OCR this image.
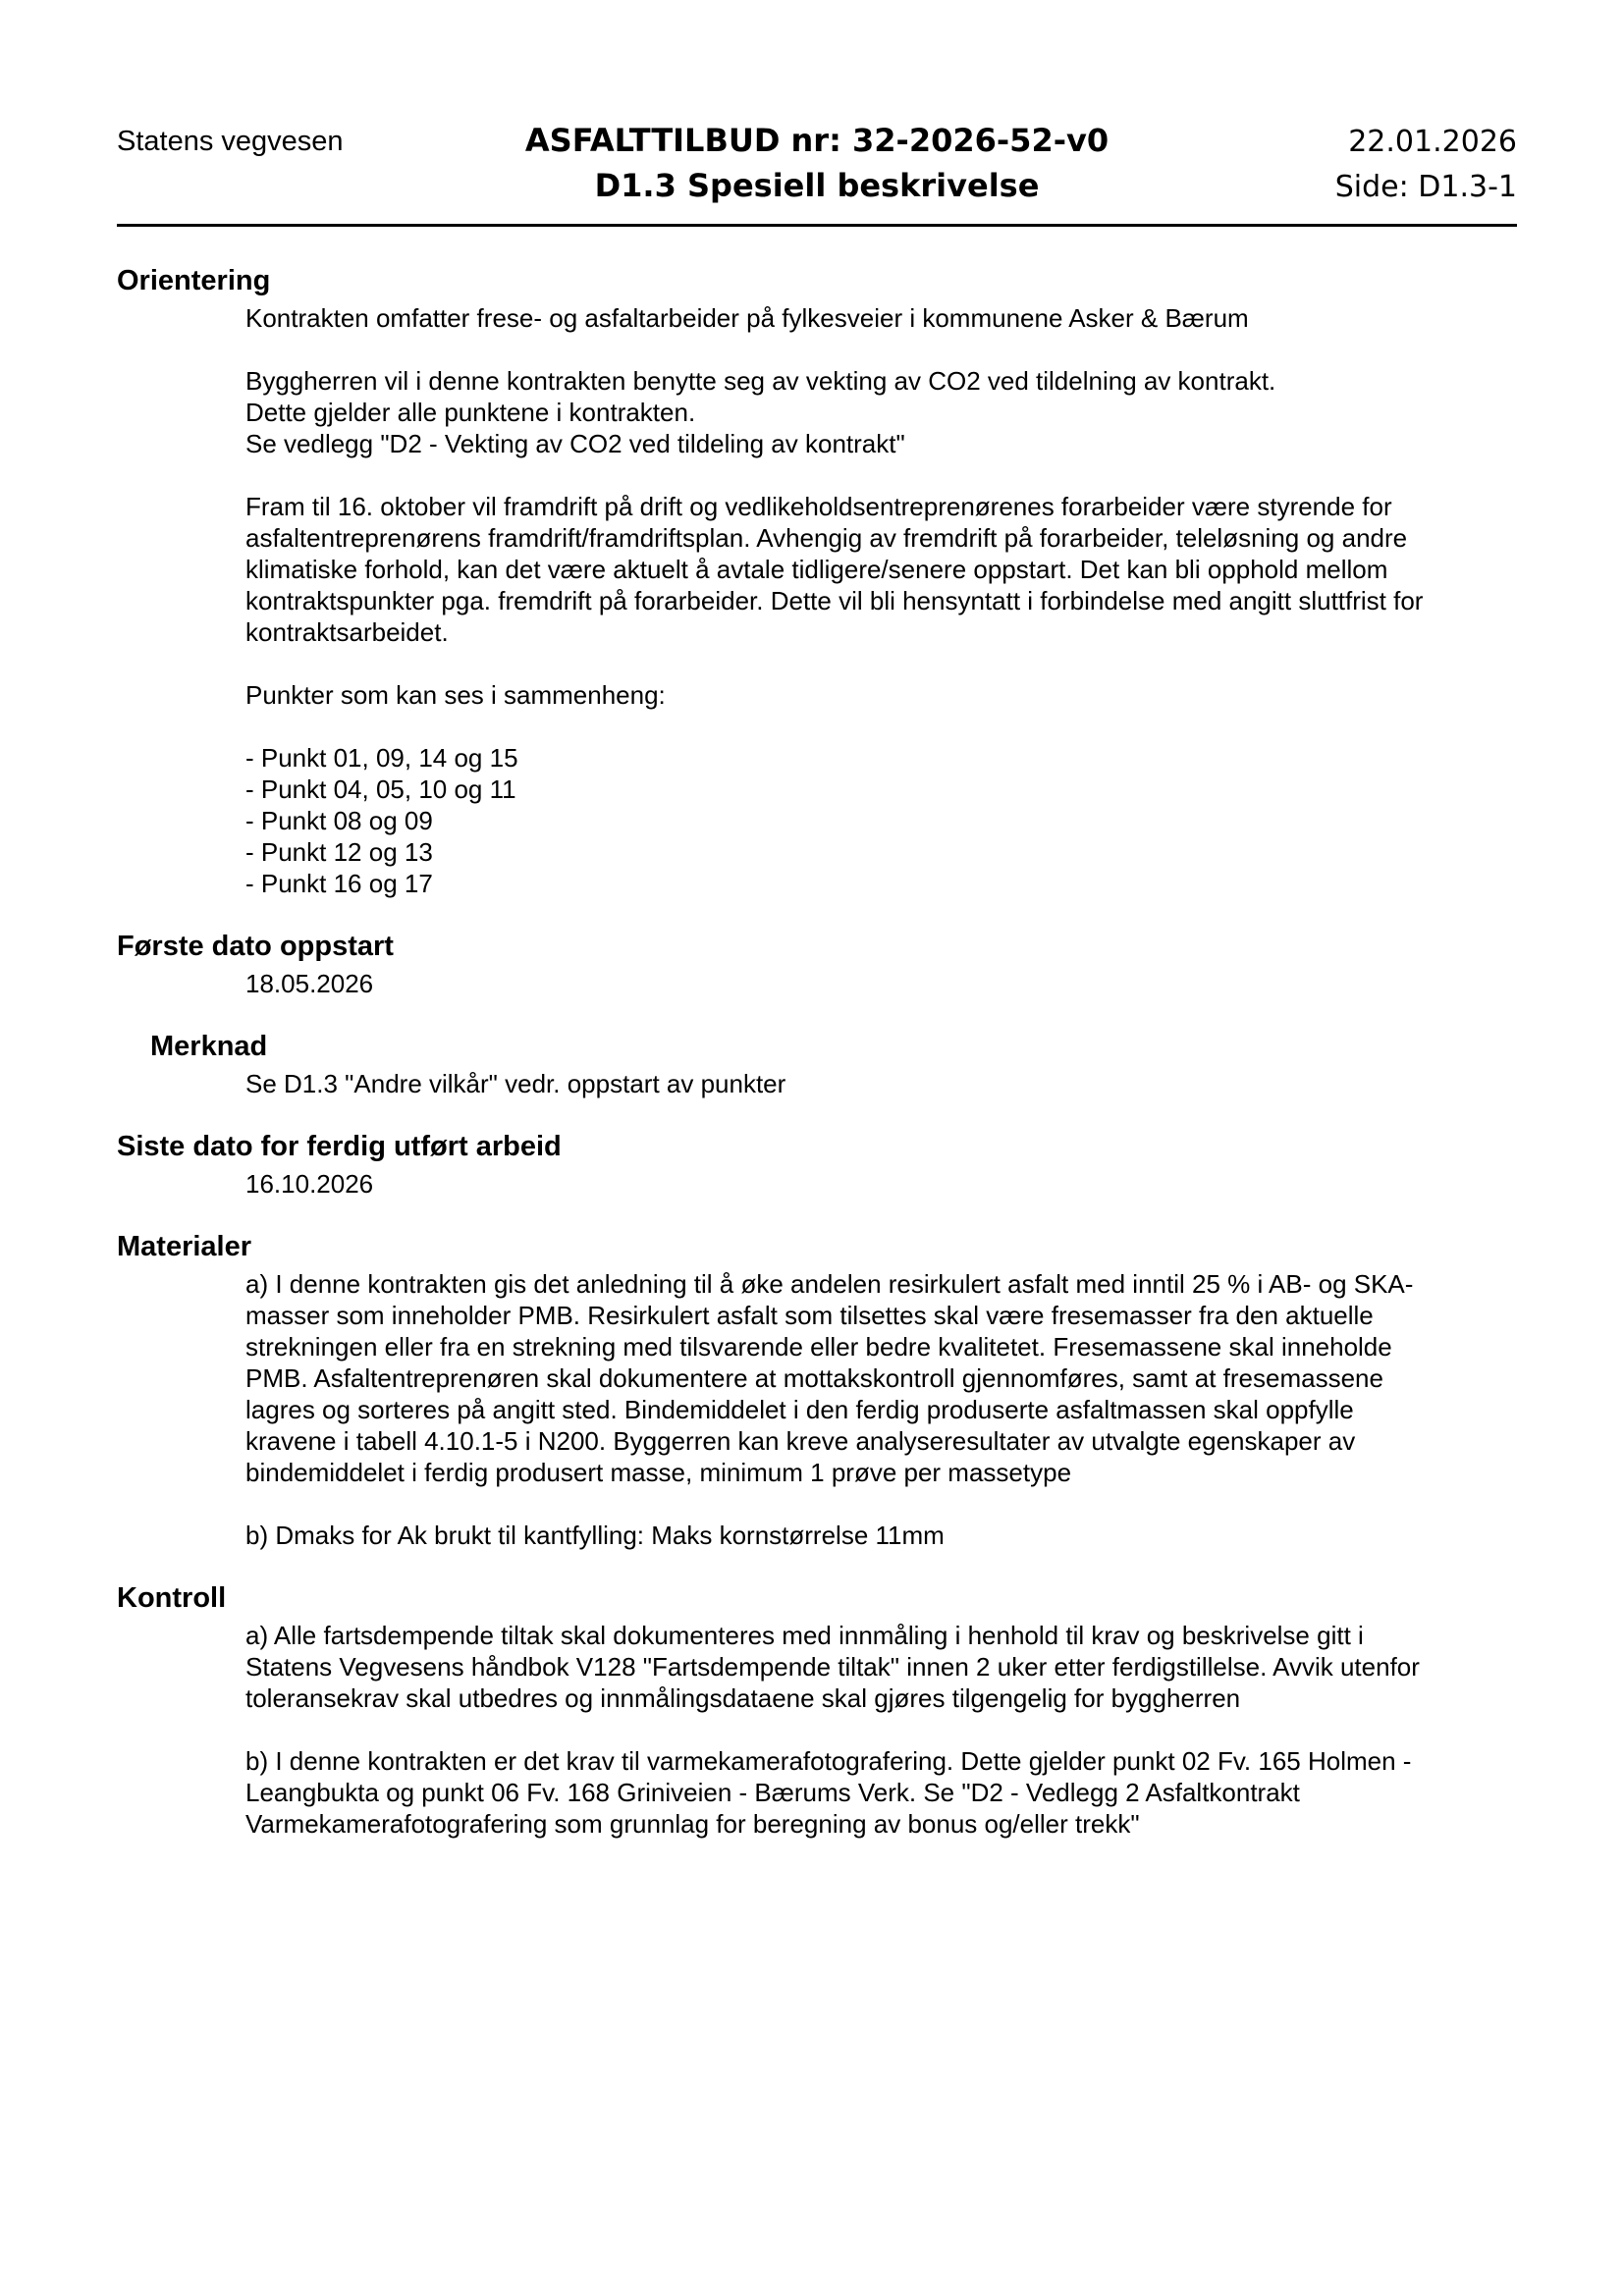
Statens vegvesen	ASFALTTILBUD nr: 32-2026-52-v0
D1.3 Spesiell beskrivelse
22.01.2026
Side: D1.3-1
Orientering
Kontrakten omfatter frese- og asfaltarbeider på fylkesveier i kommunene Asker & Bærum
Byggherren vil i denne kontrakten benytte seg av vekting av CO2 ved tildelning av kontrakt.
Dette gjelder alle punktene i kontrakten.
Se vedlegg "D2 - Vekting av CO2 ved tildeling av kontrakt"
Fram til 16. oktober vil framdrift på drift og vedlikeholdsentreprenørenes forarbeider være styrende for
asfaltentreprenørens framdrift/framdriftsplan. Avhengig av fremdrift på forarbeider, teleløsning og andre
klimatiske forhold, kan det være aktuelt å avtale tidligere/senere oppstart. Det kan bli opphold mellom
kontraktspunkter pga. fremdrift på forarbeider. Dette vil bli hensyntatt i forbindelse med angitt sluttfrist for
kontraktsarbeidet.
Punkter som kan ses i sammenheng:
- Punkt 01, 09, 14 og 15
- Punkt 04, 05, 10 og 11
- Punkt 08 og 09
- Punkt 12 og 13
- Punkt 16 og 17
Første dato oppstart
18.05.2026
Merknad
Se D1.3 "Andre vilkår" vedr. oppstart av punkter
Siste dato for ferdig utført arbeid
16.10.2026
Materialer
a) I denne kontrakten gis det anledning til å øke andelen resirkulert asfalt med inntil 25 % i AB- og SKA-
masser som inneholder PMB. Resirkulert asfalt som tilsettes skal være fresemasser fra den aktuelle
strekningen eller fra en strekning med tilsvarende eller bedre kvalitetet. Fresemassene skal inneholde
PMB. Asfaltentreprenøren skal dokumentere at mottakskontroll gjennomføres, samt at fresemassene
lagres og sorteres på angitt sted. Bindemiddelet i den ferdig produserte asfaltmassen skal oppfylle
kravene i tabell 4.10.1-5 i N200. Byggerren kan kreve analyseresultater av utvalgte egenskaper av
bindemiddelet i ferdig produsert masse, minimum 1 prøve per massetype
b) Dmaks for Ak brukt til kantfylling: Maks kornstørrelse 11mm
Kontroll
a) Alle fartsdempende tiltak skal dokumenteres med innmåling i henhold til krav og beskrivelse gitt i
Statens Vegvesens håndbok V128 "Fartsdempende tiltak" innen 2 uker etter ferdigstillelse. Avvik utenfor
toleransekrav skal utbedres og innmålingsdataene skal gjøres tilgengelig for byggherren
b) I denne kontrakten er det krav til varmekamerafotografering. Dette gjelder punkt 02 Fv. 165 Holmen -
Leangbukta og punkt 06 Fv. 168 Griniveien - Bærums Verk. Se "D2 - Vedlegg 2 Asfaltkontrakt
Varmekamerafotografering som grunnlag for beregning av bonus og/eller trekk"
